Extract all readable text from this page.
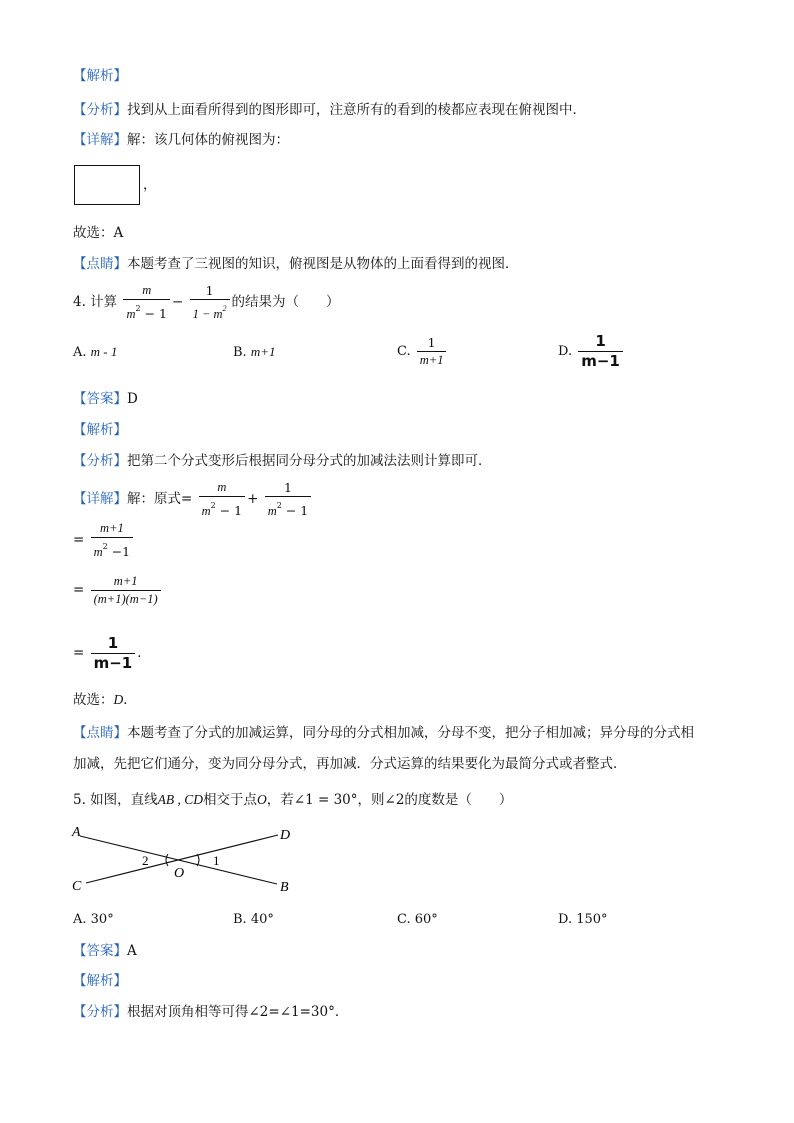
【解析】
【分析】找到从上面看所得到的图形即可，注意所有的看到的棱都应表现在俯视图中．
【详解】解：该几何体的俯视图为：
，
故选：A
【点睛】本题考查了三视图的知识，俯视图是从物体的上面看得到的视图．
4. 计算 $\frac{m}{m^2 - 1} - \frac{1}{1 - m^2}$ 的结果为（　　）
A. m - 1	B. m+1	C. $\frac{1}{m+1}$	D. $\frac{1}{m-1}$
【答案】D
【解析】
【分析】把第二个分式变形后根据同分母分式的加减法法则计算即可．
【详解】解：原式= $\frac{m}{m^2 - 1} + \frac{1}{m^2 - 1}$
= $\frac{m+1}{m^2 -1}$
= $\frac{m+1}{(m+1)(m-1)}$
= $\frac{1}{m-1}$ ．
故选：D．
【点睛】本题考查了分式的加减运算，同分母的分式相加减，分母不变，把分子相加减；异分母的分式相
加减，先把它们通分，变为同分母分式，再加减．分式运算的结果要化为最简分式或者整式．
5. 如图，直线AB , CD相交于点O，若∠1 = 30°，则∠2的度数是（　　）
A	D
C	B
O
2	1
A. 30°	B. 40°	C. 60°	D. 150°
【答案】A
【解析】
【分析】根据对顶角相等可得∠2=∠1=30°．
